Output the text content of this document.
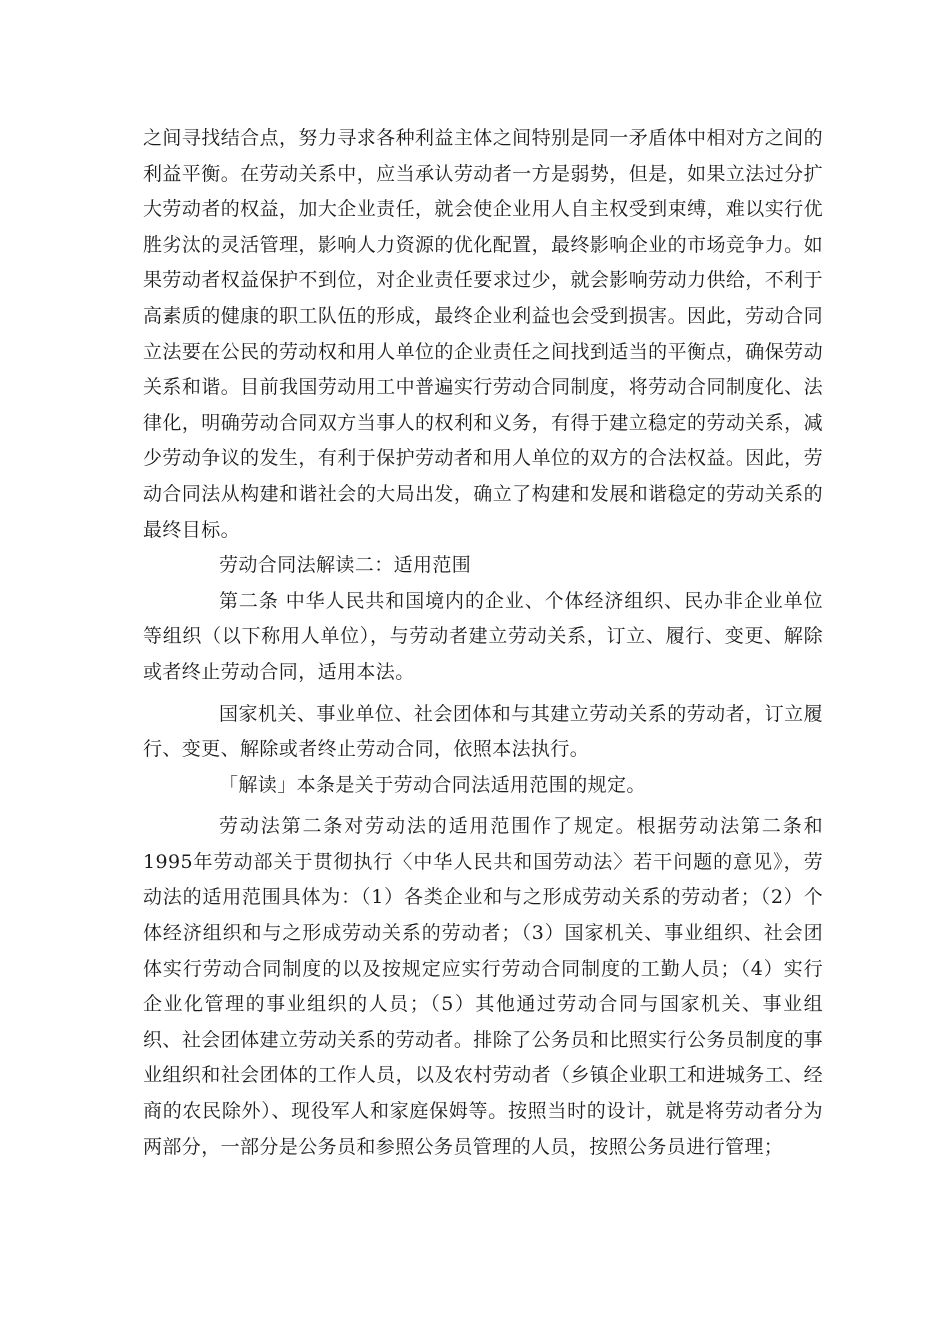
之间寻找结合点，努力寻求各种利益主体之间特别是同一矛盾体中相对方之间的利益平衡。在劳动关系中，应当承认劳动者一方是弱势，但是，如果立法过分扩大劳动者的权益，加大企业责任，就会使企业用人自主权受到束缚，难以实行优胜劣汰的灵活管理，影响人力资源的优化配置，最终影响企业的市场竞争力。如果劳动者权益保护不到位，对企业责任要求过少，就会影响劳动力供给，不利于高素质的健康的职工队伍的形成，最终企业利益也会受到损害。因此，劳动合同立法要在公民的劳动权和用人单位的企业责任之间找到适当的平衡点，确保劳动关系和谐。目前我国劳动用工中普遍实行劳动合同制度，将劳动合同制度化、法律化，明确劳动合同双方当事人的权利和义务，有得于建立稳定的劳动关系，减少劳动争议的发生，有利于保护劳动者和用人单位的双方的合法权益。因此，劳动合同法从构建和谐社会的大局出发，确立了构建和发展和谐稳定的劳动关系的最终目标。

劳动合同法解读二：适用范围

第二条 中华人民共和国境内的企业、个体经济组织、民办非企业单位等组织（以下称用人单位），与劳动者建立劳动关系，订立、履行、变更、解除或者终止劳动合同，适用本法。

国家机关、事业单位、社会团体和与其建立劳动关系的劳动者，订立履行、变更、解除或者终止劳动合同，依照本法执行。

「解读」本条是关于劳动合同法适用范围的规定。

劳动法第二条对劳动法的适用范围作了规定。根据劳动法第二条和1995年劳动部关于贯彻执行〈中华人民共和国劳动法〉若干问题的意见》，劳动法的适用范围具体为：（1）各类企业和与之形成劳动关系的劳动者；（2）个体经济组织和与之形成劳动关系的劳动者；（3）国家机关、事业组织、社会团体实行劳动合同制度的以及按规定应实行劳动合同制度的工勤人员；（4）实行企业化管理的事业组织的人员；（5）其他通过劳动合同与国家机关、事业组织、社会团体建立劳动关系的劳动者。排除了公务员和比照实行公务员制度的事业组织和社会团体的工作人员，以及农村劳动者（乡镇企业职工和进城务工、经商的农民除外）、现役军人和家庭保姆等。按照当时的设计，就是将劳动者分为两部分，一部分是公务员和参照公务员管理的人员，按照公务员进行管理；
